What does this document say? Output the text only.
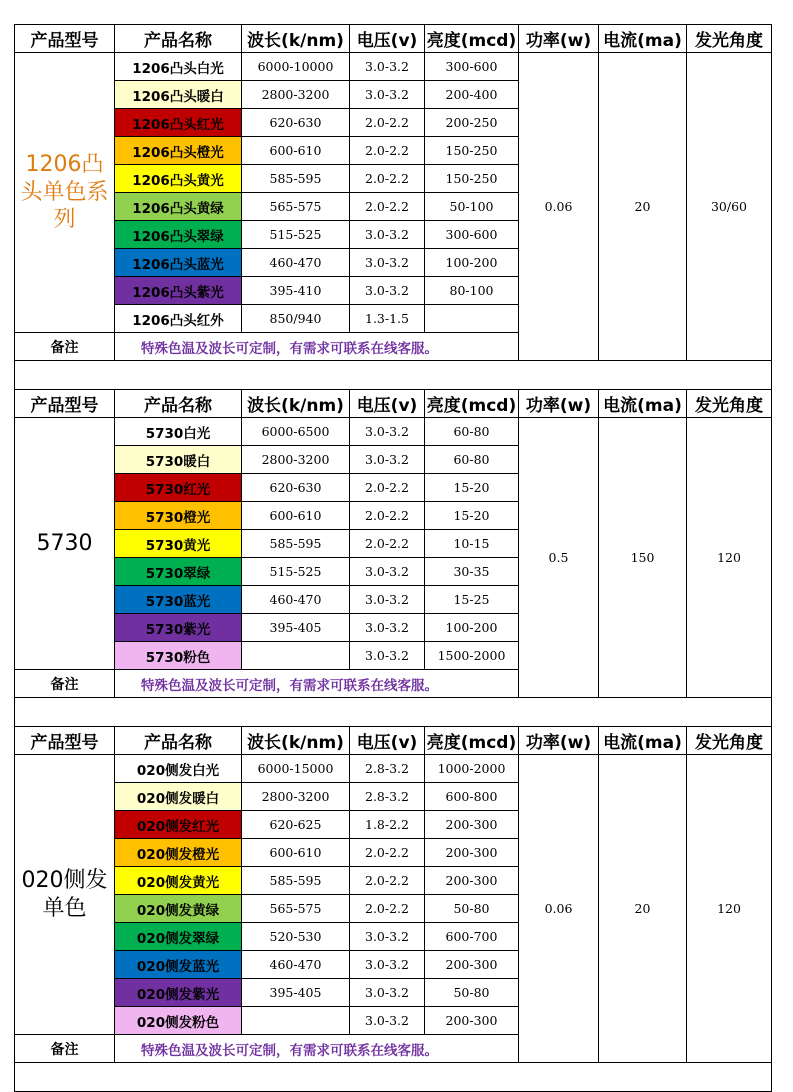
产品型号	产品名称	波长(k/nm)	电压(v)	亮度(mcd)	功率(w)	电流(ma)	发光角度
1206凸头单色系列	1206凸头白光	6000-10000	3.0-3.2	300-600	0.06	20	30/60
	1206凸头暖白	2800-3200	3.0-3.2	200-400			
	1206凸头红光	620-630	2.0-2.2	200-250			
	1206凸头橙光	600-610	2.0-2.2	150-250			
	1206凸头黄光	585-595	2.0-2.2	150-250			
	1206凸头黄绿	565-575	2.0-2.2	50-100			
	1206凸头翠绿	515-525	3.0-3.2	300-600			
	1206凸头蓝光	460-470	3.0-3.2	100-200			
	1206凸头紫光	395-410	3.0-3.2	80-100			
	1206凸头红外	850/940	1.3-1.5				
备注	特殊色温及波长可定制，有需求可联系在线客服。						

产品型号	产品名称	波长(k/nm)	电压(v)	亮度(mcd)	功率(w)	电流(ma)	发光角度
5730	5730白光	6000-6500	3.0-3.2	60-80	0.5	150	120
	5730暖白	2800-3200	3.0-3.2	60-80			
	5730红光	620-630	2.0-2.2	15-20			
	5730橙光	600-610	2.0-2.2	15-20			
	5730黄光	585-595	2.0-2.2	10-15			
	5730翠绿	515-525	3.0-3.2	30-35			
	5730蓝光	460-470	3.0-3.2	15-25			
	5730紫光	395-405	3.0-3.2	100-200			
	5730粉色		3.0-3.2	1500-2000			
备注	特殊色温及波长可定制，有需求可联系在线客服。						

产品型号	产品名称	波长(k/nm)	电压(v)	亮度(mcd)	功率(w)	电流(ma)	发光角度
020侧发单色	020侧发白光	6000-15000	2.8-3.2	1000-2000	0.06	20	120
	020侧发暖白	2800-3200	2.8-3.2	600-800			
	020侧发红光	620-625	1.8-2.2	200-300			
	020侧发橙光	600-610	2.0-2.2	200-300			
	020侧发黄光	585-595	2.0-2.2	200-300			
	020侧发黄绿	565-575	2.0-2.2	50-80			
	020侧发翠绿	520-530	3.0-3.2	600-700			
	020侧发蓝光	460-470	3.0-3.2	200-300			
	020侧发紫光	395-405	3.0-3.2	50-80			
	020侧发粉色		3.0-3.2	200-300			
备注	特殊色温及波长可定制，有需求可联系在线客服。						
